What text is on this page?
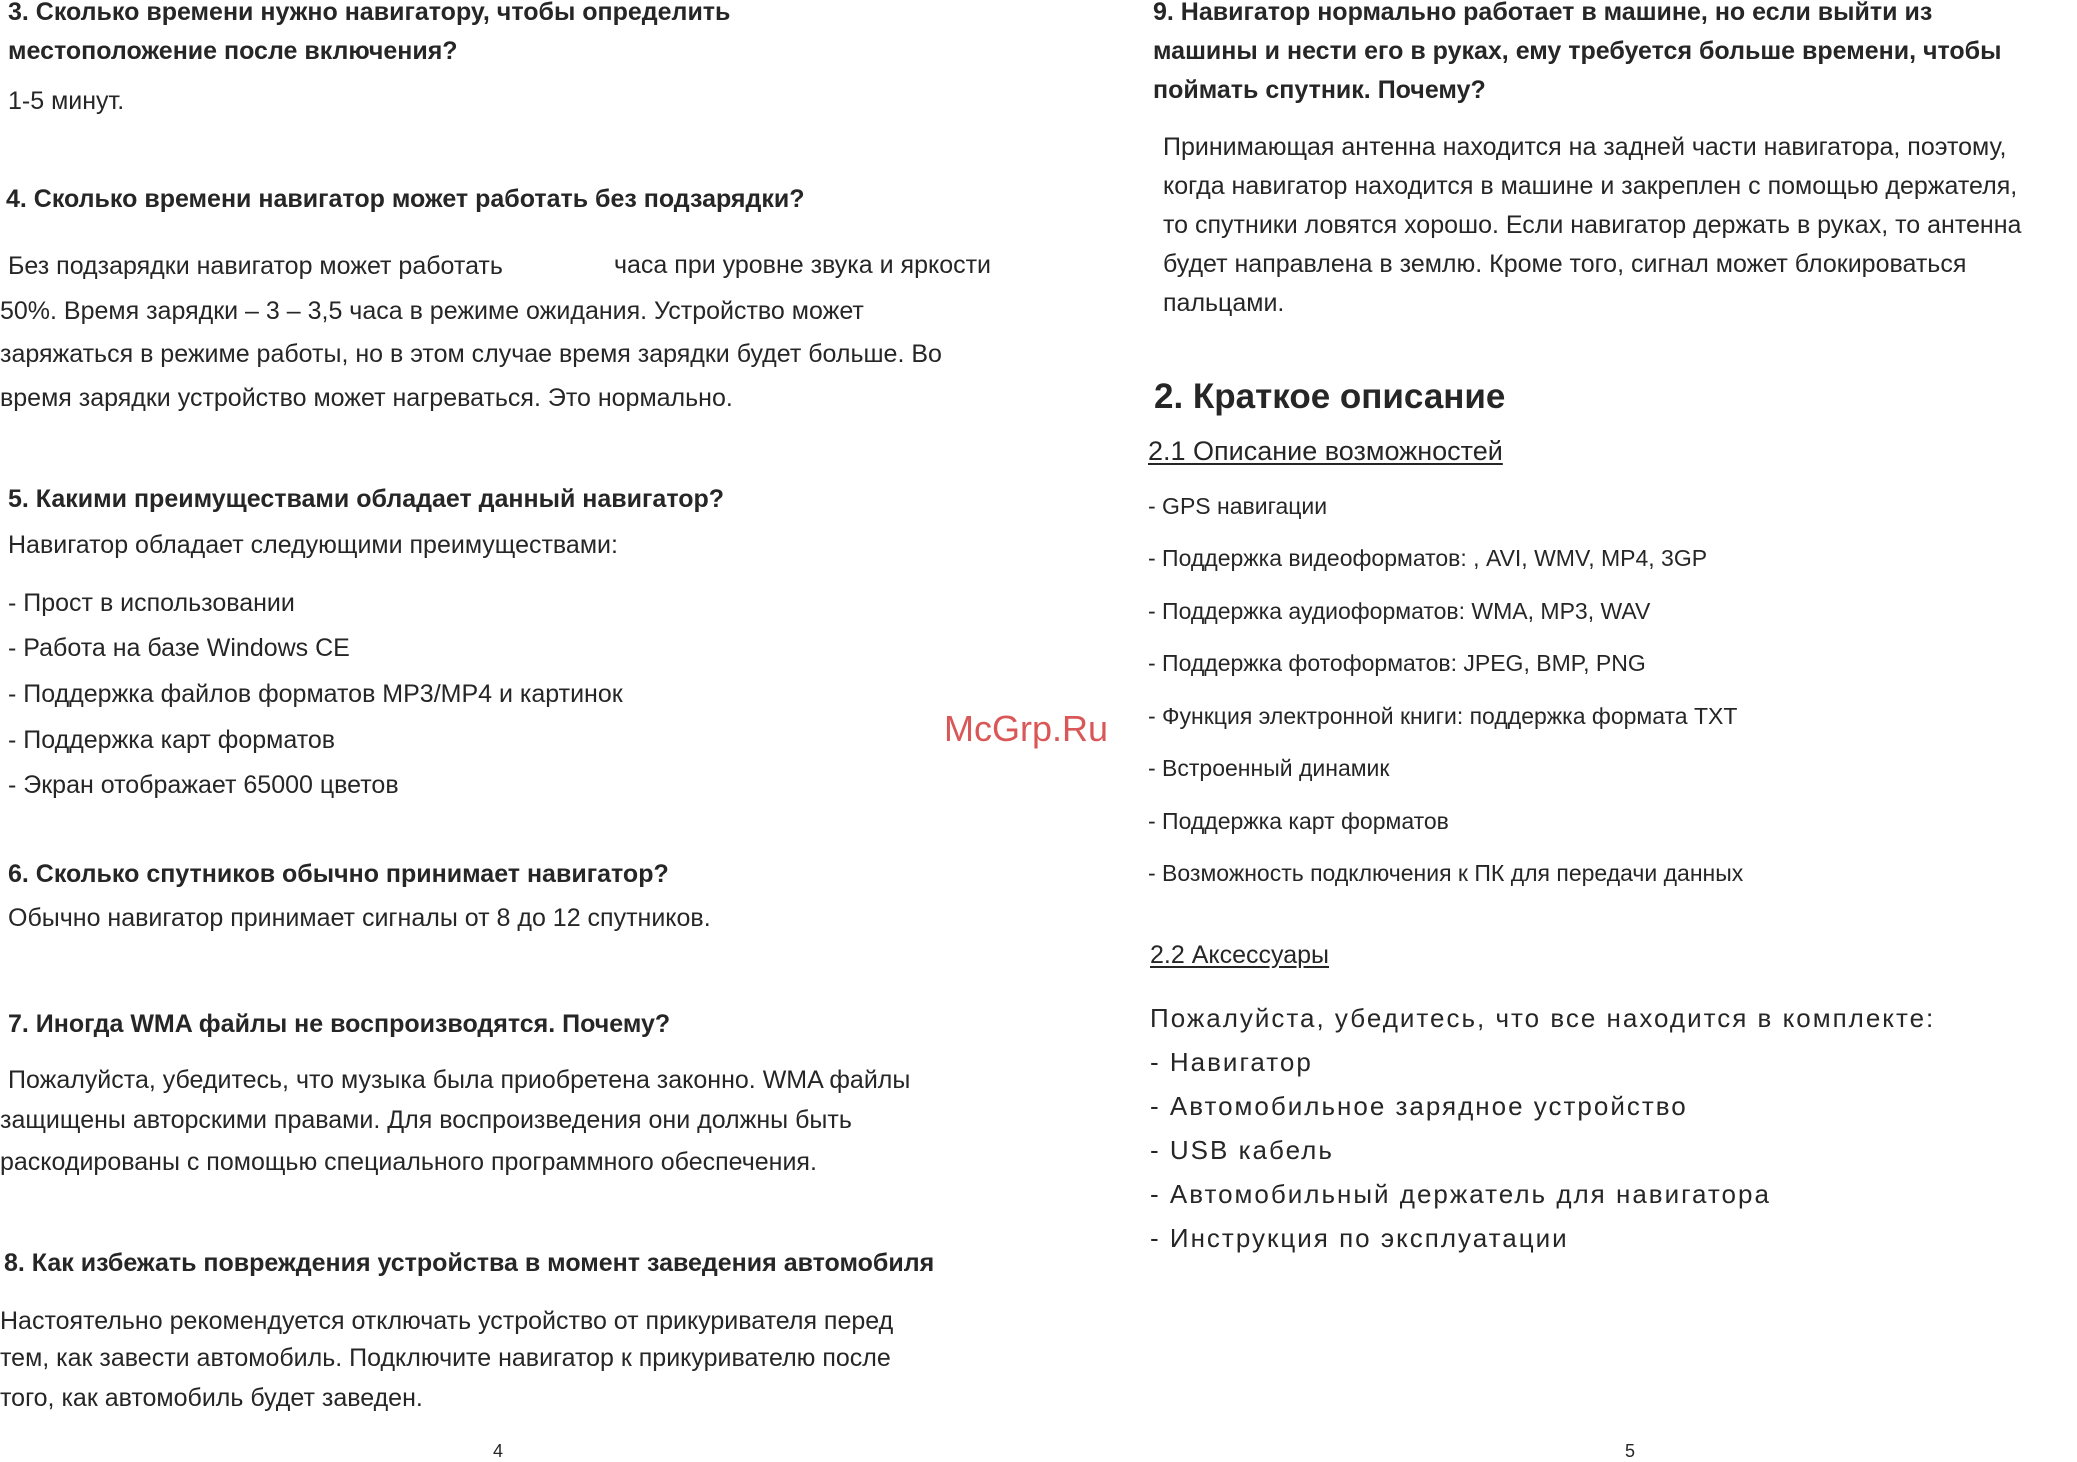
3. Сколько времени нужно навигатору, чтобы определить
местоположение после включения?
1-5 минут.
4. Сколько времени навигатор может работать без подзарядки?
Без подзарядки навигатор может работать	часа при уровне звука и яркости
50%. Время зарядки – 3 – 3,5 часа в режиме ожидания. Устройство может
заряжаться в режиме работы, но в этом случае время зарядки будет больше. Во
время зарядки устройство может нагреваться. Это нормально.
5. Какими преимуществами обладает данный навигатор?
Навигатор обладает следующими преимуществами:
- Прост в использовании
- Работа на базе Windows CE
- Поддержка файлов форматов MP3/MP4 и картинок
- Поддержка карт форматов
- Экран отображает 65000 цветов
6. Сколько спутников обычно принимает навигатор?
Обычно навигатор принимает сигналы от 8 до 12 спутников.
7. Иногда WMA файлы не воспроизводятся. Почему?
Пожалуйста, убедитесь, что музыка была приобретена законно. WMA файлы
защищены авторскими правами. Для воспроизведения они должны быть
раскодированы с помощью специального программного обеспечения.
8. Как избежать повреждения устройства в момент заведения автомобиля
Настоятельно рекомендуется отключать устройство от прикуривателя перед
тем, как завести автомобиль. Подключите навигатор к прикуривателю после
того, как автомобиль будет заведен.
4
9. Навигатор нормально работает в машине, но если выйти из
машины и нести его в руках, ему требуется больше времени, чтобы
поймать спутник. Почему?
Принимающая антенна находится на задней части навигатора, поэтому,
когда навигатор находится в машине и закреплен с помощью держателя,
то спутники ловятся хорошо. Если навигатор держать в руках, то антенна
будет направлена в землю. Кроме того, сигнал может блокироваться
пальцами.
2. Краткое описание
2.1 Описание возможностей
- GPS навигации
- Поддержка видеоформатов: , AVI, WMV, MP4, 3GP
- Поддержка аудиоформатов: WMA, MP3, WAV
- Поддержка фотоформатов: JPEG, BMP, PNG
- Функция электронной книги: поддержка формата TXT
- Встроенный динамик
- Поддержка карт форматов
- Возможность подключения к ПК для передачи данных
2.2 Аксессуары
Пожалуйста, убедитесь, что все находится в комплекте:
- Навигатор
- Автомобильное зарядное устройство
- USB кабель
- Автомобильный держатель для навигатора
- Инструкция по эксплуатации
5
McGrp.Ru
